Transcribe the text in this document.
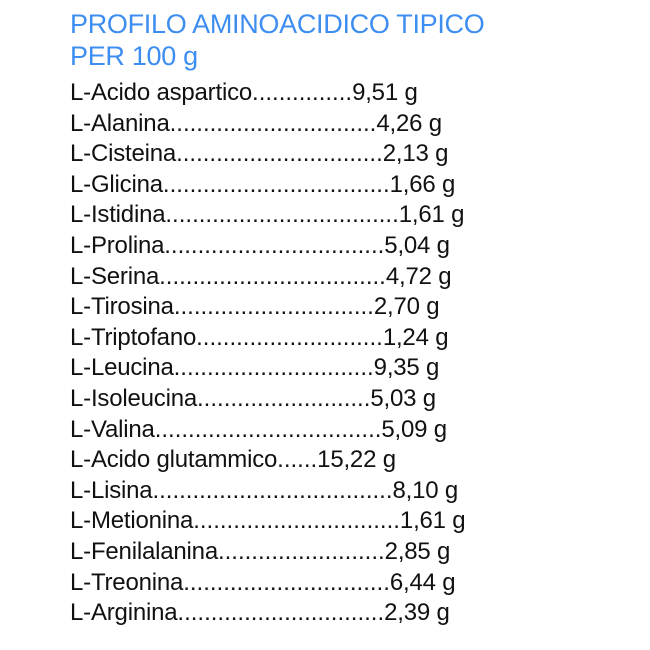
PROFILO AMINOACIDICO TIPICO
PER 100 g
L-Acido aspartico ............... 9,51 g
L-Alanina ............................... 4,26 g
L-Cisteina ............................... 2,13 g
L-Glicina .................................. 1,66 g
L-Istidina ................................... 1,61 g
L-Prolina ................................. 5,04 g
L-Serina .................................. 4,72 g
L-Tirosina .............................. 2,70 g
L-Triptofano ............................ 1,24 g
L-Leucina .............................. 9,35 g
L-Isoleucina .......................... 5,03 g
L-Valina .................................. 5,09 g
L-Acido glutammico ...... 15,22 g
L-Lisina .................................... 8,10 g
L-Metionina ............................... 1,61 g
L-Fenilalanina ......................... 2,85 g
L-Treonina ............................... 6,44 g
L-Arginina ............................... 2,39 g
